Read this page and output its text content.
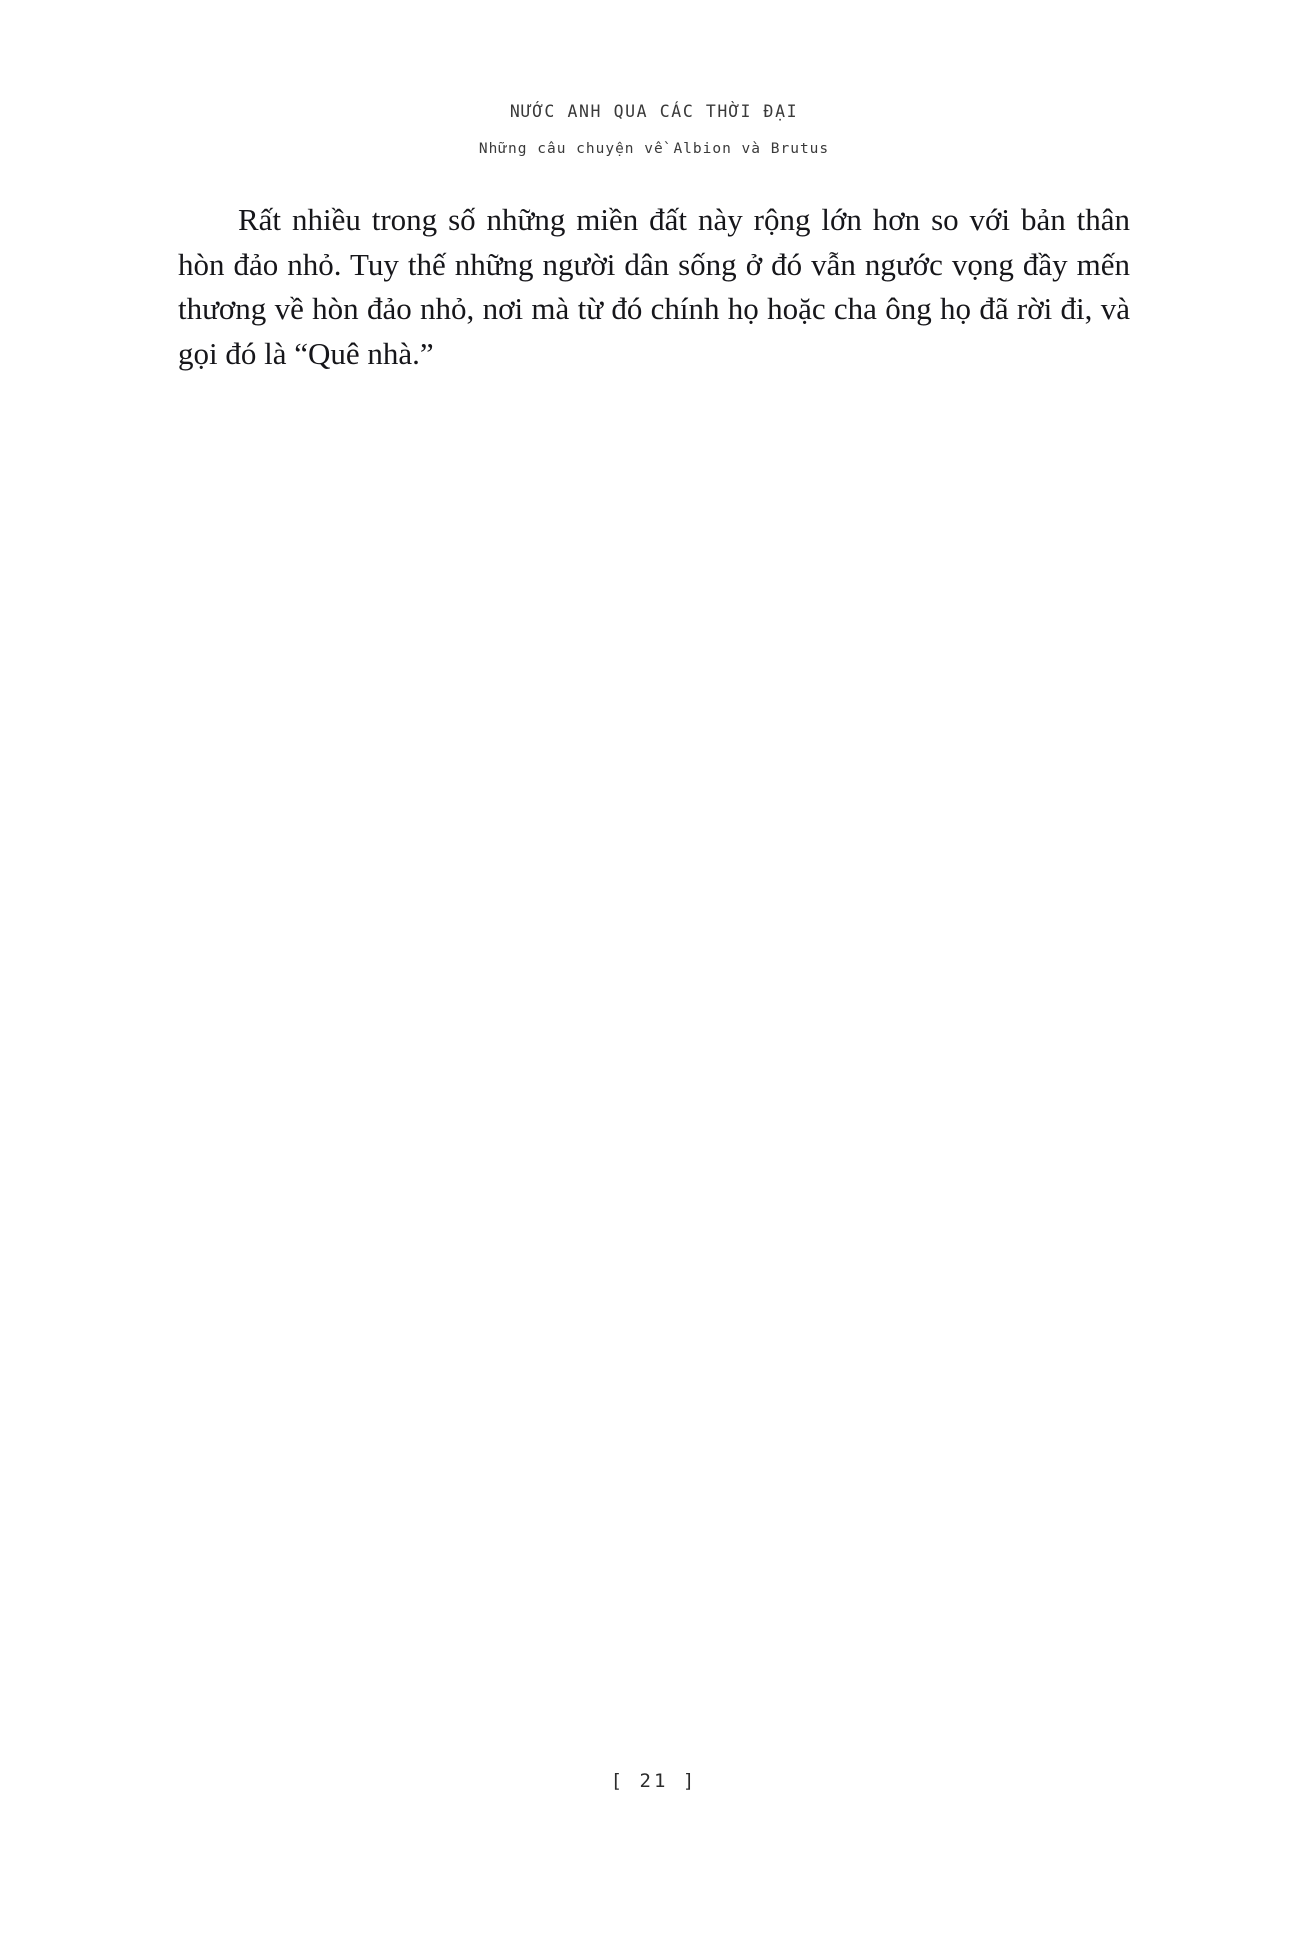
NƯỚC ANH QUA CÁC THỜI ĐẠI
Những câu chuyện về Albion và Brutus

Rất nhiều trong số những miền đất này rộng lớn hơn so với bản thân hòn đảo nhỏ. Tuy thế những người dân sống ở đó vẫn ngước vọng đầy mến thương về hòn đảo nhỏ, nơi mà từ đó chính họ hoặc cha ông họ đã rời đi, và gọi đó là “Quê nhà.”

[ 21 ]
